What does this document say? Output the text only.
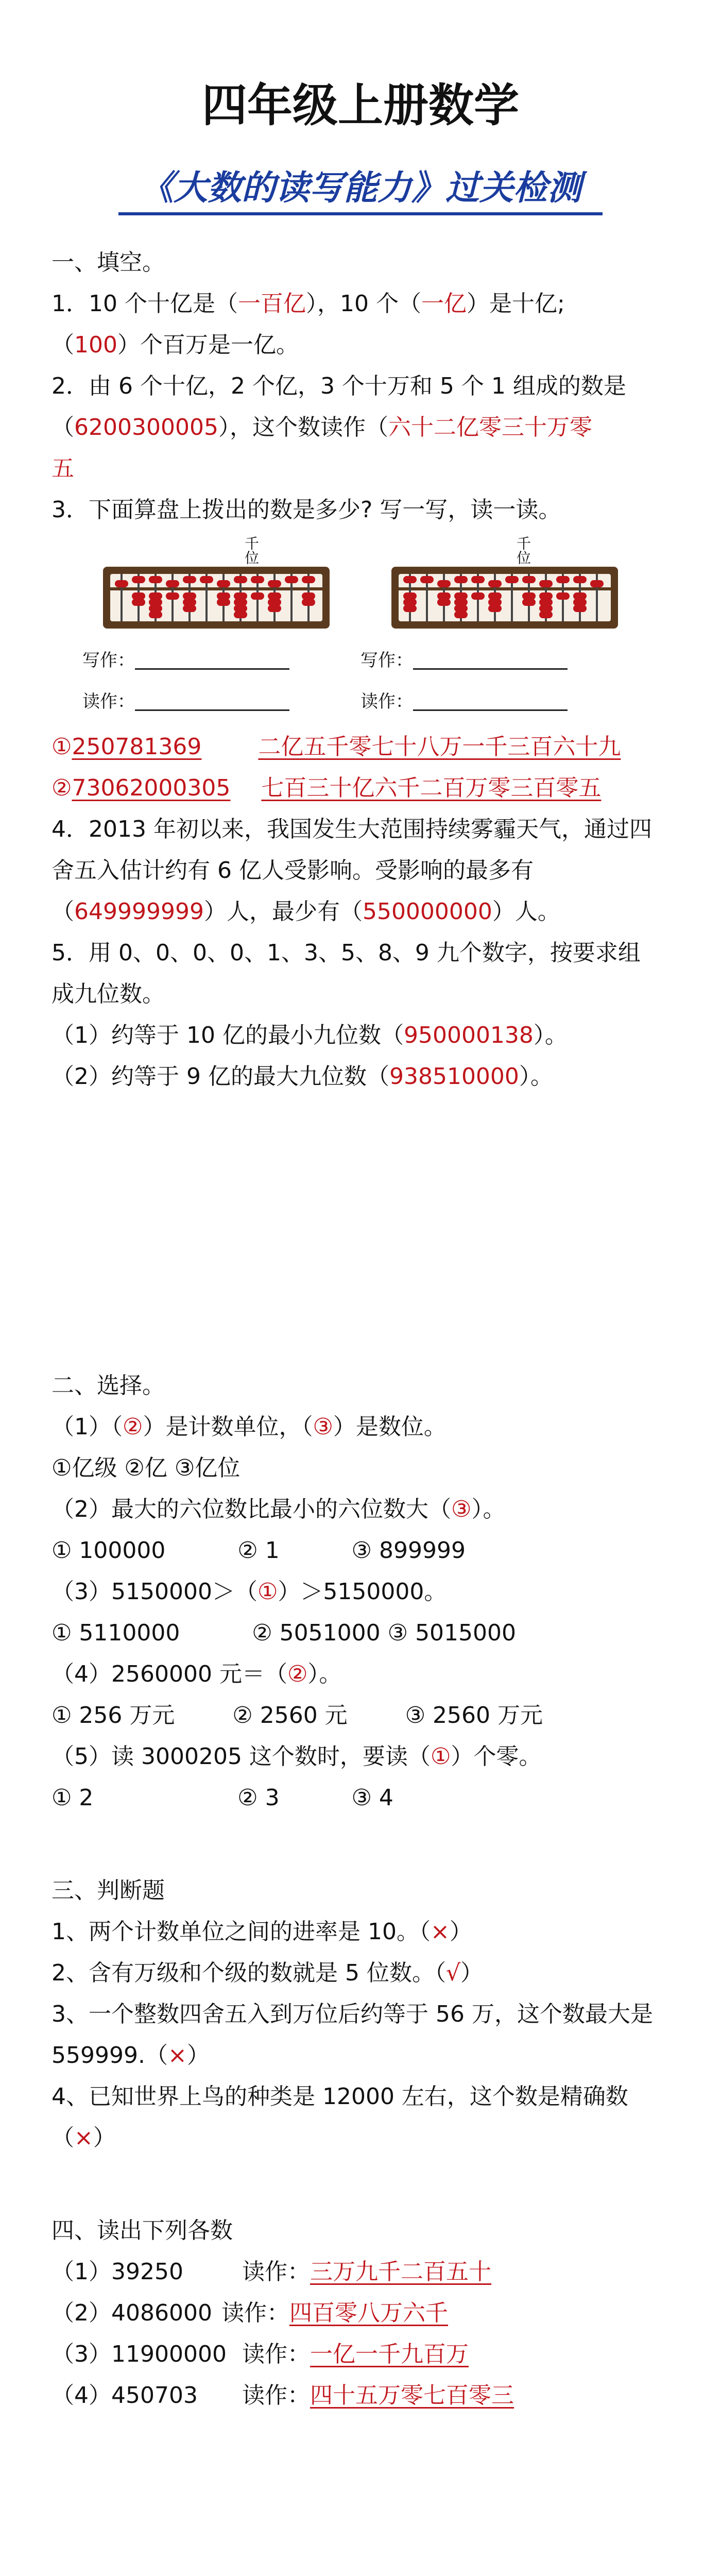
四年级上册数学
《大数的读写能力》过关检测
一、填空。
1．10 个十亿是（一百亿），10 个（一亿）是十亿;
（100）个百万是一亿。
2．由 6 个十亿，2 个亿，3 个十万和 5 个 1 组成的数是
（6200300005），这个数读作（六十二亿零三十万零
五
3．下面算盘上拨出的数是多少? 写一写，读一读。
千位
写作：
读作：
千位
写作：
读作：
①250781369	二亿五千零七十八万一千三百六十九
②73062000305 七百三十亿六千二百万零三百零五
4．2013 年初以来，我国发生大范围持续雾霾天气，通过四
舍五入估计约有 6 亿人受影响。受影响的最多有
（649999999）人，最少有（550000000）人。
5．用 0、0、0、0、1、3、5、8、9 九个数字，按要求组
成九位数。
（1）约等于 10 亿的最小九位数（950000138）。
（2）约等于 9 亿的最大九位数（938510000）。
二、选择。
（1）（②）是计数单位，（③）是数位。
①亿级 ②亿 ③亿位
（2）最大的六位数比最小的六位数大（③）。
① 100000          ② 1          ③ 899999
（3）5150000＞（①）＞5150000。
① 5110000          ② 5051000 ③ 5015000
（4）2560000 元＝（②）。
① 256 万元        ② 2560 元        ③ 2560 万元
（5）读 3000205 这个数时，要读（①）个零。
① 2                    ② 3          ③ 4
三、判断题
1、两个计数单位之间的进率是 10。（×）
2、含有万级和个级的数就是 5 位数。（√）
3、一个整数四舍五入到万位后约等于 56 万，这个数最大是
559999.（×）
4、已知世界上鸟的种类是 12000 左右，这个数是精确数
（×）
四、读出下列各数
（1）39250	读作：三万九千二百五十
（2）4086000 读作：四百零八万六千
（3）11900000 读作：一亿一千九百万
（4）450703 读作：四十五万零七百零三
